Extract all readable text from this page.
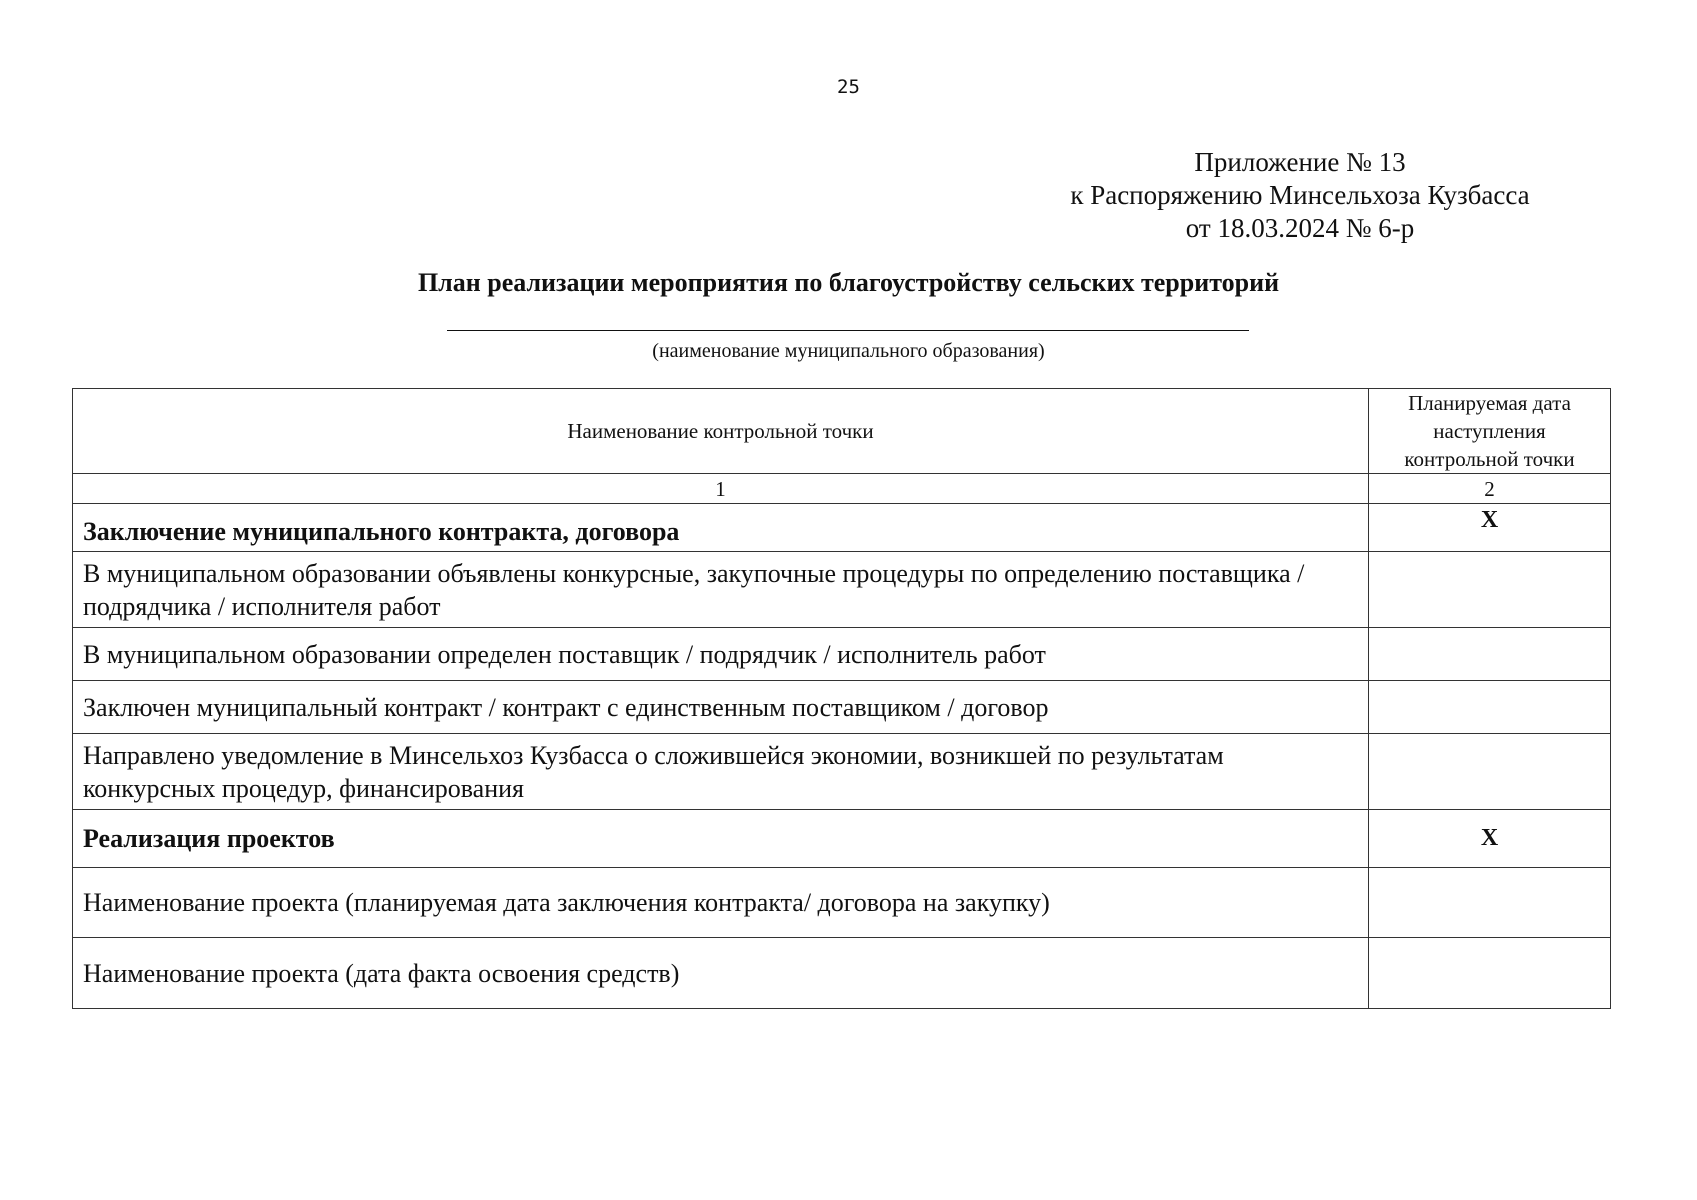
25
Приложение № 13
к Распоряжению Минсельхоза Кузбасса
от 18.03.2024 № 6-р
План реализации мероприятия по благоустройству сельских территорий
(наименование муниципального образования)
Наименование контрольной точки	Планируемая дата наступления контрольной точки
1	2
Заключение муниципального контракта, договора	Х
В муниципальном образовании объявлены конкурсные, закупочные процедуры по определению поставщика / подрядчика / исполнителя работ	
В муниципальном образовании определен поставщик / подрядчик / исполнитель работ	
Заключен муниципальный контракт / контракт с единственным поставщиком / договор	
Направлено уведомление в Минсельхоз Кузбасса о сложившейся экономии, возникшей по результатам конкурсных процедур, финансирования	
Реализация проектов	Х
Наименование проекта (планируемая дата заключения контракта/ договора на закупку)	
Наименование проекта (дата факта освоения средств)	
